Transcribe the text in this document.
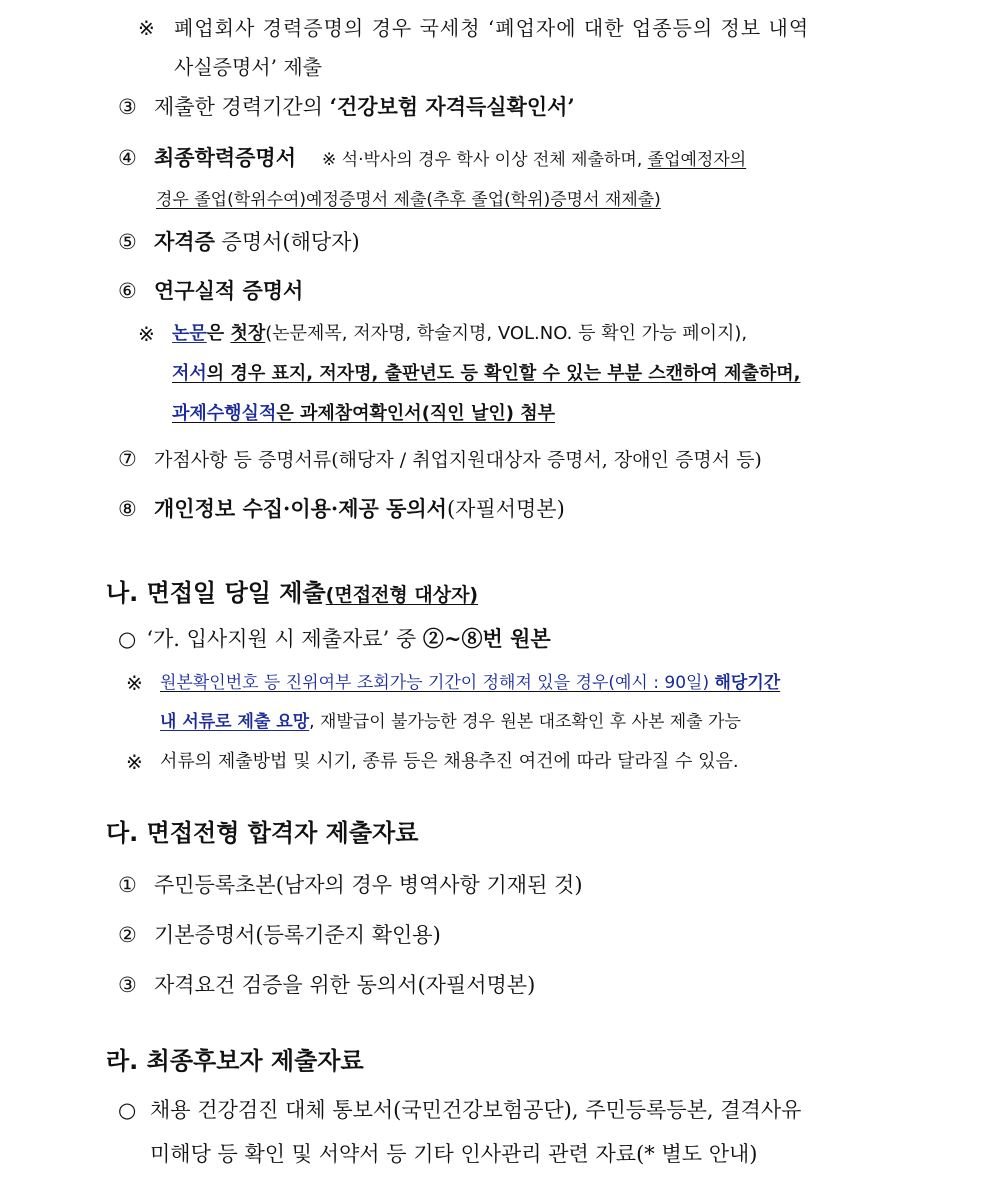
※ 폐업회사 경력증명의 경우 국세청 ‘폐업자에 대한 업종등의 정보 내역
사실증명서’ 제출
③ 제출한 경력기간의 ‘건강보험 자격득실확인서’
④ 최종학력증명서 ※ 석·박사의 경우 학사 이상 전체 제출하며, 졸업예정자의
경우 졸업(학위수여)예정증명서 제출(추후 졸업(학위)증명서 재제출)
⑤ 자격증 증명서(해당자)
⑥ 연구실적 증명서
※ 논문은 첫장(논문제목, 저자명, 학술지명, VOL.NO. 등 확인 가능 페이지),
저서의 경우 표지, 저자명, 출판년도 등 확인할 수 있는 부분 스캔하여 제출하며,
과제수행실적은 과제참여확인서(직인 날인) 첨부
⑦ 가점사항 등 증명서류(해당자 / 취업지원대상자 증명서, 장애인 증명서 등)
⑧ 개인정보 수집·이용·제공 동의서(자필서명본)
나. 면접일 당일 제출(면접전형 대상자)
○ ‘가. 입사지원 시 제출자료’ 중 ②~⑧번 원본
※ 원본확인번호 등 진위여부 조회가능 기간이 정해져 있을 경우(예시 : 90일) 해당기간
내 서류로 제출 요망, 재발급이 불가능한 경우 원본 대조확인 후 사본 제출 가능
※ 서류의 제출방법 및 시기, 종류 등은 채용추진 여건에 따라 달라질 수 있음.
다. 면접전형 합격자 제출자료
① 주민등록초본(남자의 경우 병역사항 기재된 것)
② 기본증명서(등록기준지 확인용)
③ 자격요건 검증을 위한 동의서(자필서명본)
라. 최종후보자 제출자료
○ 채용 건강검진 대체 통보서(국민건강보험공단), 주민등록등본, 결격사유
미해당 등 확인 및 서약서 등 기타 인사관리 관련 자료(* 별도 안내)
